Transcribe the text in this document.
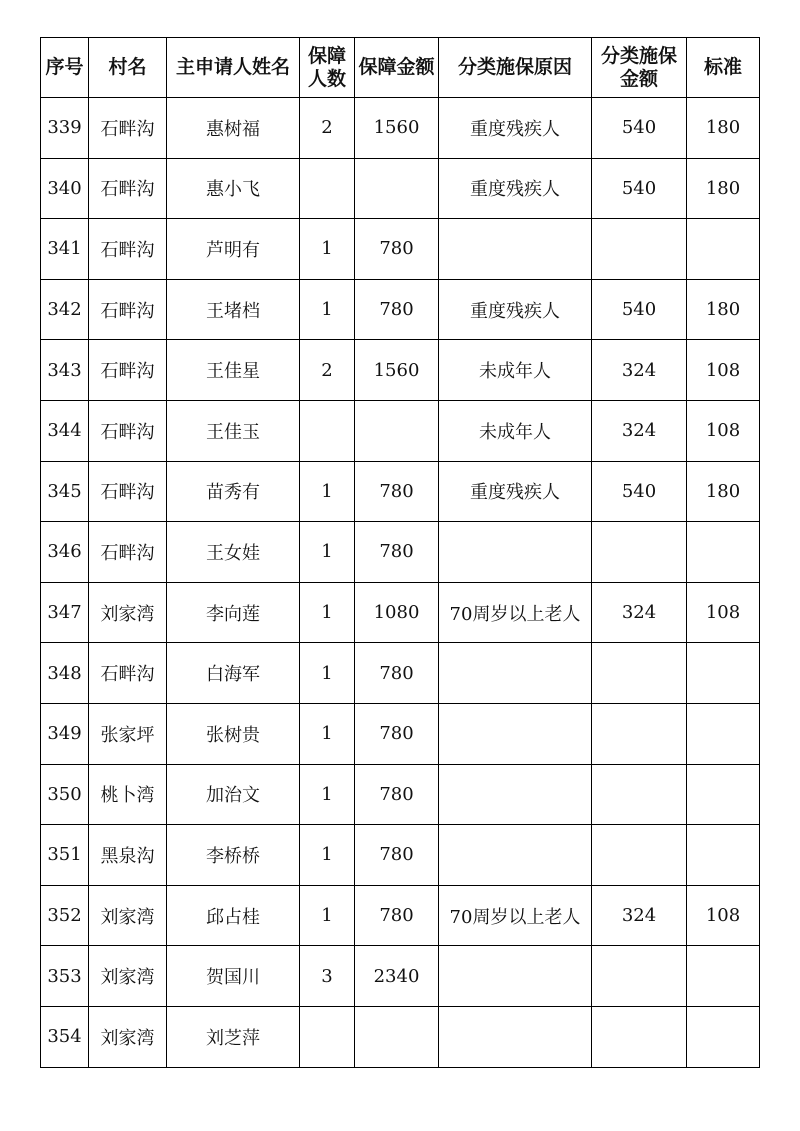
序号	村名	主申请人姓名	保障人数	保障金额	分类施保原因	分类施保金额	标准
339	石畔沟	惠树福	2	1560	重度残疾人	540	180
340	石畔沟	惠小飞			重度残疾人	540	180
341	石畔沟	芦明有	1	780			
342	石畔沟	王堵档	1	780	重度残疾人	540	180
343	石畔沟	王佳星	2	1560	未成年人	324	108
344	石畔沟	王佳玉			未成年人	324	108
345	石畔沟	苗秀有	1	780	重度残疾人	540	180
346	石畔沟	王女娃	1	780			
347	刘家湾	李向莲	1	1080	70周岁以上老人	324	108
348	石畔沟	白海军	1	780			
349	张家坪	张树贵	1	780			
350	桃卜湾	加治文	1	780			
351	黑泉沟	李桥桥	1	780			
352	刘家湾	邱占桂	1	780	70周岁以上老人	324	108
353	刘家湾	贺国川	3	2340			
354	刘家湾	刘芝萍					
